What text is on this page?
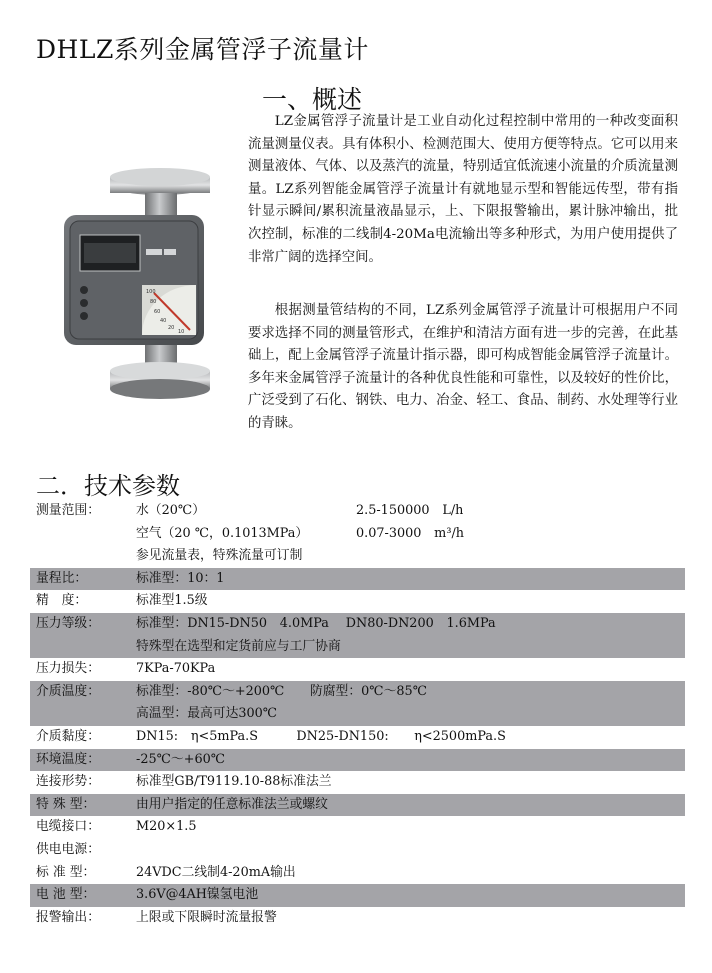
DHLZ系列金属管浮子流量计
一、概述
LZ金属管浮子流量计是工业自动化过程控制中常用的一种改变面积流量测量仪表。具有体积小、检测范围大、使用方便等特点。它可以用来测量液体、气体、以及蒸汽的流量，特别适宜低流速小流量的介质流量测量。LZ系列智能金属管浮子流量计有就地显示型和智能远传型，带有指针显示瞬间/累积流量液晶显示，上、下限报警输出，累计脉冲输出，批次控制，标准的二线制4-20Ma电流输出等多种形式，为用户使用提供了非常广阔的选择空间。
根据测量管结构的不同，LZ系列金属管浮子流量计可根据用户不同要求选择不同的测量管形式，在维护和清洁方面有进一步的完善，在此基础上，配上金属管浮子流量计指示器，即可构成智能金属管浮子流量计。多年来金属管浮子流量计的各种优良性能和可靠性，以及较好的性价比，广泛受到了石化、钢铁、电力、冶金、轻工、食品、制药、水处理等行业的青睐。
100
80
60
40
20
10
二．技术参数
测量范围：	水（20℃）	2.5-150000　L/h
空气（20 ℃，0.1013MPa）	0.07-3000　m³/h
参见流量表，特殊流量可订制
量程比：	标准型：10：1
精　度：	标准型1.5级
压力等级：	标准型：DN15-DN50　4.0MPa　 DN80-DN200　1.6MPa
特殊型在选型和定货前应与工厂协商
压力损失：	7KPa-70KPa
介质温度：	标准型：-80℃～+200℃　　防腐型：0℃～85℃
高温型：最高可达300℃
介质黏度：	DN15:　η<5mPa.S　　　DN25-DN150:　　η<2500mPa.S
环境温度：	-25℃～+60℃
连接形势：	标准型GB/T9119.10-88标准法兰
特 殊 型：	由用户指定的任意标准法兰或螺纹
电缆接口：	M20×1.5
供电电源：
标 准 型：	24VDC二线制4-20mA输出
电 池 型：	3.6V@4AH镍氢电池
报警输出：	上限或下限瞬时流量报警
